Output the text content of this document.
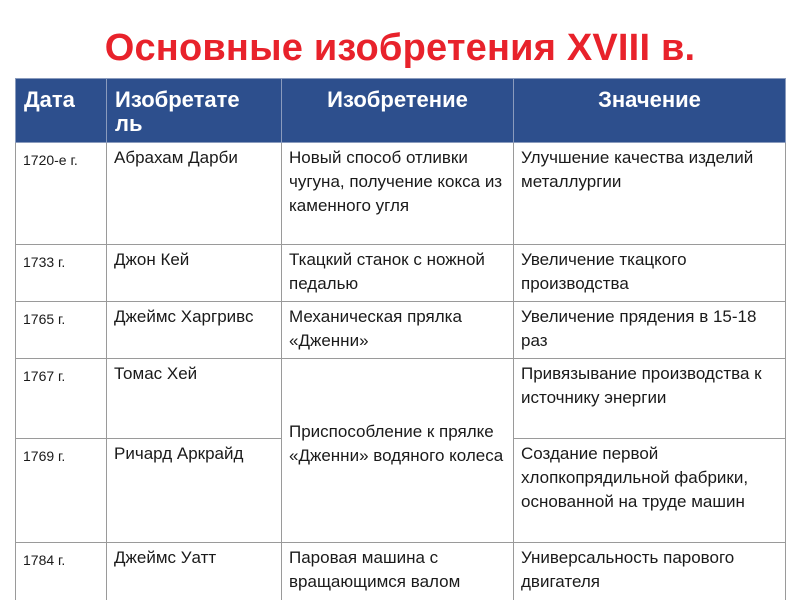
Основные изобретения XVIII в.
Дата	Изобретате ль	Изобретение	Значение
1720-е г.	Абрахам Дарби	Новый способ отливки чугуна, получение кокса из каменного угля	Улучшение качества изделий металлургии
1733 г.	Джон Кей	Ткацкий станок с ножной педалью	Увеличение ткацкого производства
1765 г.	Джеймс Харгривс	Механическая прялка «Дженни»	Увеличение прядения в 15-18 раз
1767 г.	Томас Хей	Приспособление к прялке «Дженни» водяного колеса	Привязывание производства к источнику энергии
1769 г.	Ричард Аркрайд		Создание первой хлопкопрядильной фабрики, основанной на труде машин
1784 г.	Джеймс Уатт	Паровая машина с вращающимся валом	Универсальность парового двигателя
